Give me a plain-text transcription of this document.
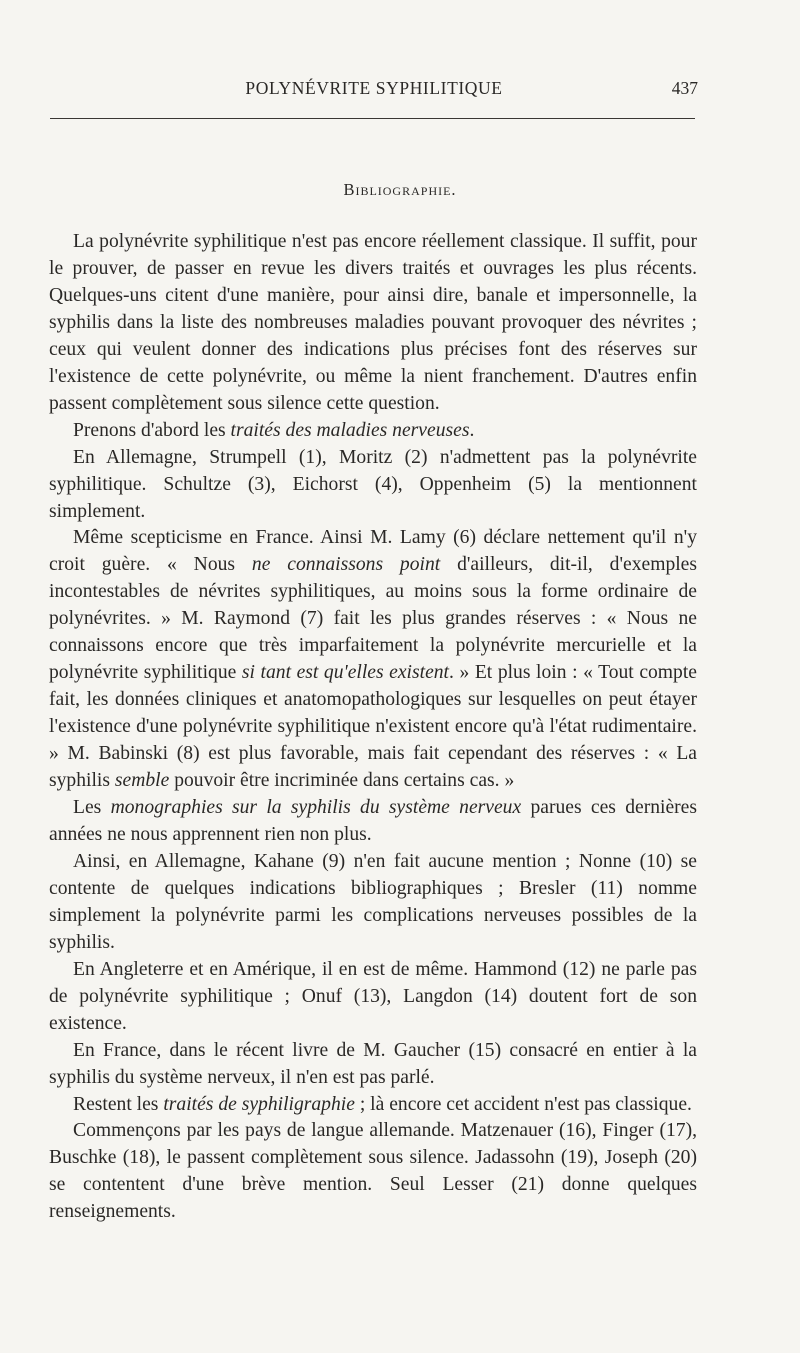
POLYNÉVRITE SYPHILITIQUE	437
Bibliographie.

La polynévrite syphilitique n'est pas encore réellement classique. Il suffit, pour le prouver, de passer en revue les divers traités et ouvrages les plus récents. Quelques-uns citent d'une manière, pour ainsi dire, banale et impersonnelle, la syphilis dans la liste des nombreuses maladies pouvant provoquer des névrites ; ceux qui veulent donner des indications plus précises font des réserves sur l'existence de cette polynévrite, ou même la nient franchement. D'autres enfin passent complètement sous silence cette question.

Prenons d'abord les traités des maladies nerveuses.

En Allemagne, Strumpell (1), Moritz (2) n'admettent pas la polynévrite syphilitique. Schultze (3), Eichorst (4), Oppenheim (5) la mentionnent simplement.

Même scepticisme en France. Ainsi M. Lamy (6) déclare nettement qu'il n'y croit guère. « Nous ne connaissons point d'ailleurs, dit-il, d'exemples incontestables de névrites syphilitiques, au moins sous la forme ordinaire de polynévrites. » M. Raymond (7) fait les plus grandes réserves : « Nous ne connaissons encore que très imparfaitement la polynévrite mercurielle et la polynévrite syphilitique si tant est qu'elles existent. » Et plus loin : « Tout compte fait, les données cliniques et anatomopathologiques sur lesquelles on peut étayer l'existence d'une polynévrite syphilitique n'existent encore qu'à l'état rudimentaire. » M. Babinski (8) est plus favorable, mais fait cependant des réserves : « La syphilis semble pouvoir être incriminée dans certains cas. »

Les monographies sur la syphilis du système nerveux parues ces dernières années ne nous apprennent rien non plus.

Ainsi, en Allemagne, Kahane (9) n'en fait aucune mention ; Nonne (10) se contente de quelques indications bibliographiques ; Bresler (11) nomme simplement la polynévrite parmi les complications nerveuses possibles de la syphilis.

En Angleterre et en Amérique, il en est de même. Hammond (12) ne parle pas de polynévrite syphilitique ; Onuf (13), Langdon (14) doutent fort de son existence.

En France, dans le récent livre de M. Gaucher (15) consacré en entier à la syphilis du système nerveux, il n'en est pas parlé.

Restent les traités de syphiligraphie ; là encore cet accident n'est pas classique.

Commençons par les pays de langue allemande. Matzenauer (16), Finger (17), Buschke (18), le passent complètement sous silence. Jadassohn (19), Joseph (20) se contentent d'une brève mention. Seul Lesser (21) donne quelques renseignements.
